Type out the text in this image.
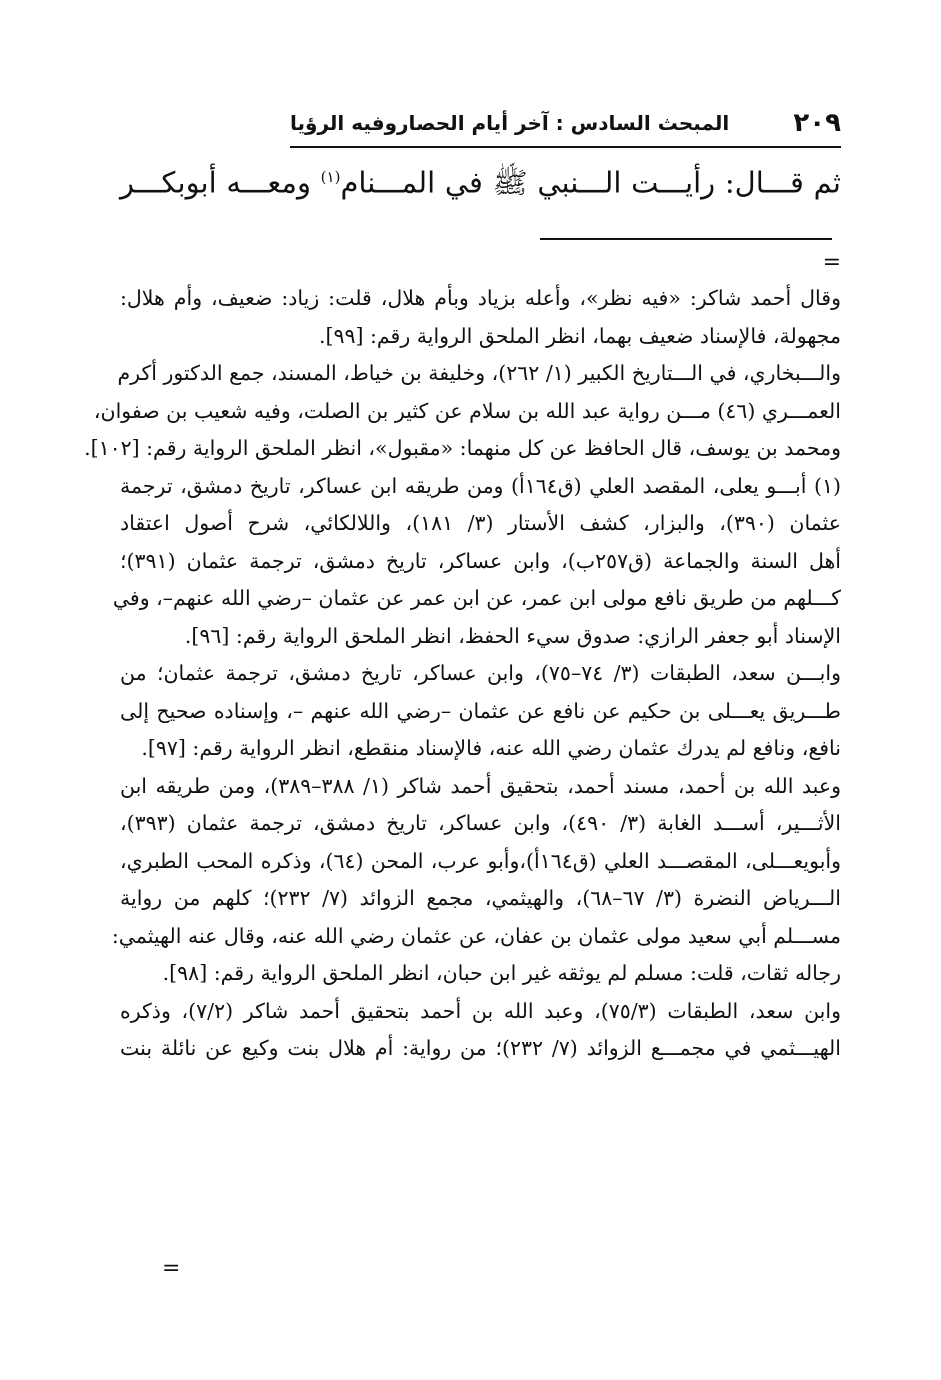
٢٠٩
المبحث السادس : آخر أيام الحصاروفيه الرؤيا
ثم قـــال: رأيـــت الـــنبي ﷺ في المـــنام$^{(١)}$ ومعـــه أبوبكـــر
=
وقال أحمد شاكر: «فيه نظر»، وأعله بزياد وبأم هلال، قلت: زياد: ضعيف، وأم هلال:
مجهولة، فالإسناد ضعيف بهما، انظر الملحق الرواية رقم: [٩٩].
والـــبخاري، في الـــتاريخ الكبير (١/ ٢٦٢)، وخليفة بن خياط، المسند، جمع الدكتور أكرم
العمـــري (٤٦) مـــن رواية عبد الله بن سلام عن كثير بن الصلت، وفيه شعيب بن صفوان،
ومحمد بن يوسف، قال الحافظ عن كل منهما: «مقبول»، انظر الملحق الرواية رقم: [١٠٢].
(١) أبـــو يعلى، المقصد العلي (ق١٦٤أ) ومن طريقه ابن عساكر، تاريخ دمشق، ترجمة
عثمان (٣٩٠)، والبزار، كشف الأستار (٣/ ١٨١)، واللالكائي، شرح أصول اعتقاد
أهل السنة والجماعة (ق٢٥٧ب)، وابن عساكر، تاريخ دمشق، ترجمة عثمان (٣٩١)؛
كـــلهم من طريق نافع مولى ابن عمر، عن ابن عمر عن عثمان –رضي الله عنهم–، وفي
الإسناد أبو جعفر الرازي: صدوق سيء الحفظ، انظر الملحق الرواية رقم: [٩٦].
وابـــن سعد، الطبقات (٣/ ٧٤–٧٥)، وابن عساكر، تاريخ دمشق، ترجمة عثمان؛ من
طـــريق يعـــلى بن حكيم عن نافع عن عثمان –رضي الله عنهم –، وإسناده صحيح إلى
نافع، ونافع لم يدرك عثمان رضي الله عنه، فالإسناد منقطع، انظر الرواية رقم: [٩٧].
وعبد الله بن أحمد، مسند أحمد، بتحقيق أحمد شاكر (١/ ٣٨٨–٣٨٩)، ومن طريقه ابن
الأثـــير، أســـد الغابة (٣/ ٤٩٠)، وابن عساكر، تاريخ دمشق، ترجمة عثمان (٣٩٣)،
وأبويعـــلى، المقصـــد العلي (ق١٦٤أ)،وأبو عرب، المحن (٦٤)، وذكره المحب الطبري،
الـــرياض النضرة (٣/ ٦٧–٦٨)، والهيثمي، مجمع الزوائد (٧/ ٢٣٢)؛ كلهم من رواية
مســـلم أبي سعيد مولى عثمان بن عفان، عن عثمان رضي الله عنه، وقال عنه الهيثمي:
رجاله ثقات، قلت: مسلم لم يوثقه غير ابن حبان، انظر الملحق الرواية رقم: [٩٨].
وابن سعد، الطبقات (٧٥/٣)، وعبد الله بن أحمد بتحقيق أحمد شاكر (٧/٢)، وذكره
الهيـــثمي في مجمـــع الزوائد (٧/ ٢٣٢)؛ من رواية: أم هلال بنت وكيع عن نائلة بنت
=
